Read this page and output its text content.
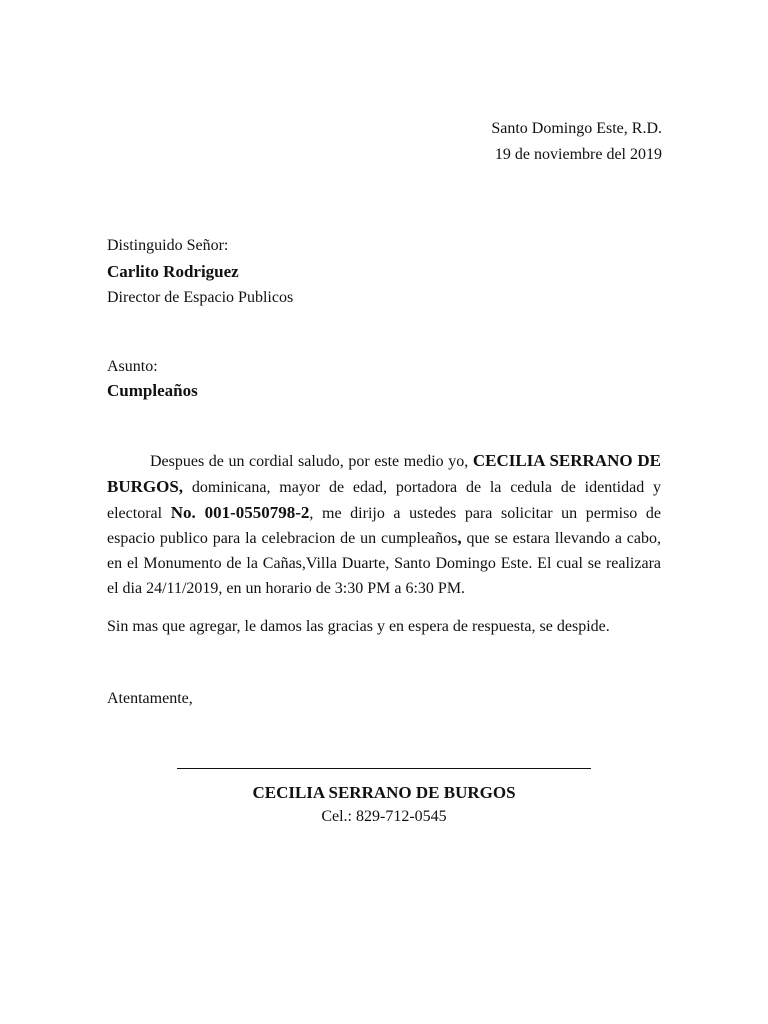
Santo Domingo Este, R.D.
19 de noviembre del 2019
Distinguido Señor:
Carlito Rodriguez
Director de Espacio Publicos
Asunto:
Cumpleaños

Despues de un cordial saludo, por este medio yo, CECILIA SERRANO DE BURGOS, dominicana, mayor de edad, portadora de la cedula de identidad y electoral No. 001-0550798-2, me dirijo a ustedes para solicitar un permiso de espacio publico para la celebracion de un cumpleaños, que se estara llevando a cabo, en el Monumento de la Cañas,Villa Duarte, Santo Domingo Este. El cual se realizara el dia 24/11/2019, en un horario de 3:30 PM a 6:30 PM.

Sin mas que agregar, le damos las gracias y en espera de respuesta, se despide.
Atentamente,
CECILIA SERRANO DE BURGOS
Cel.: 829-712-0545
